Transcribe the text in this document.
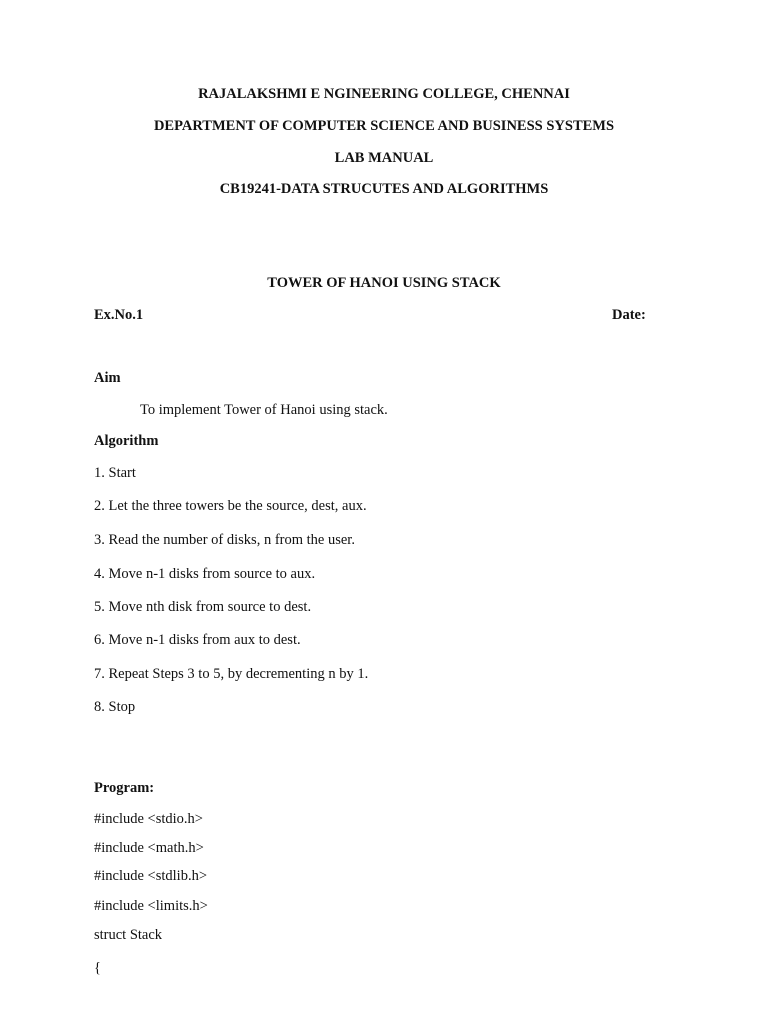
RAJALAKSHMI E NGINEERING COLLEGE, CHENNAI
DEPARTMENT OF COMPUTER SCIENCE AND BUSINESS SYSTEMS
LAB MANUAL
CB19241-DATA STRUCUTES AND ALGORITHMS
TOWER OF HANOI USING STACK
Ex.No.1	Date:
Aim
To implement Tower of Hanoi using stack.
Algorithm
1. Start
2. Let the three towers be the source, dest, aux.
3. Read the number of disks, n from the user.
4. Move n-1 disks from source to aux.
5. Move nth disk from source to dest.
6. Move n-1 disks from aux to dest.
7. Repeat Steps 3 to 5, by decrementing n by 1.
8. Stop
Program:
#include <stdio.h>
#include <math.h>
#include <stdlib.h>
#include <limits.h>
struct Stack
{
